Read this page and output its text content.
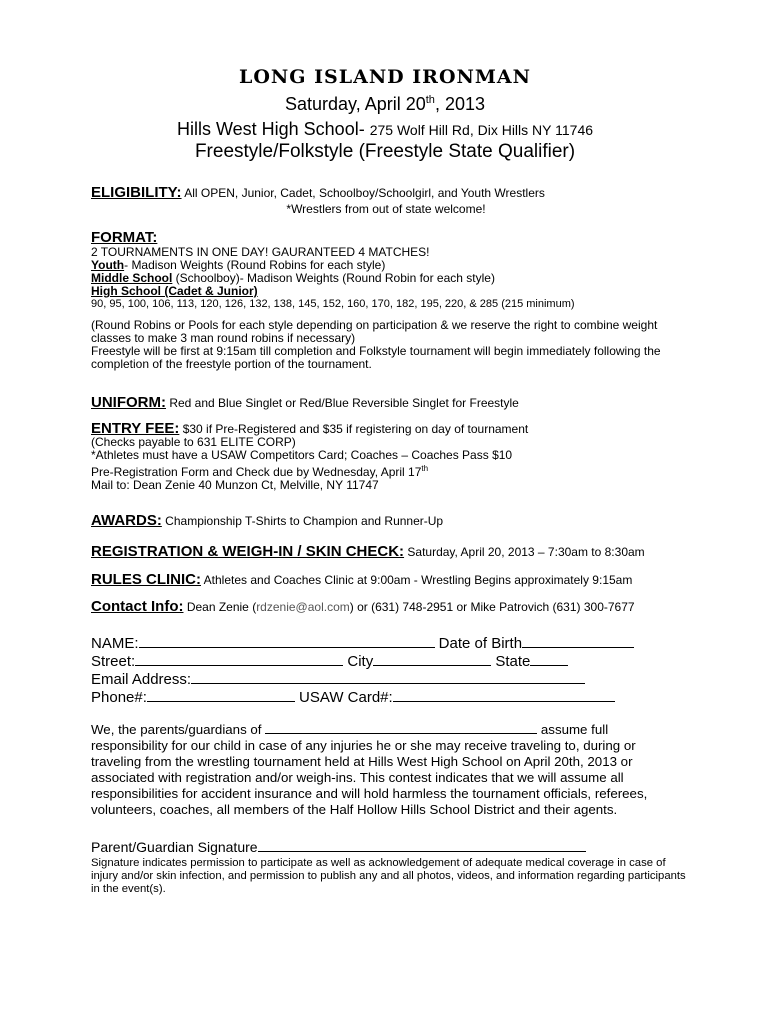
LONG ISLAND IRONMAN
Saturday, April 20th, 2013
Hills West High School- 275 Wolf Hill Rd, Dix Hills NY 11746
Freestyle/Folkstyle (Freestyle State Qualifier)
ELIGIBILITY: All OPEN, Junior, Cadet, Schoolboy/Schoolgirl, and Youth Wrestlers
*Wrestlers from out of state welcome!
FORMAT:
2 TOURNAMENTS IN ONE DAY! GAURANTEED 4 MATCHES!
Youth- Madison Weights (Round Robins for each style)
Middle School (Schoolboy)- Madison Weights (Round Robin for each style)
High School (Cadet & Junior)
90, 95, 100, 106, 113, 120, 126, 132, 138, 145, 152, 160, 170, 182, 195, 220, & 285 (215 minimum)
(Round Robins or Pools for each style depending on participation & we reserve the right to combine weight classes to make 3 man round robins if necessary)
Freestyle will be first at 9:15am till completion and Folkstyle tournament will begin immediately following the completion of the freestyle portion of the tournament.
UNIFORM: Red and Blue Singlet or Red/Blue Reversible Singlet for Freestyle
ENTRY FEE: $30 if Pre-Registered and $35 if registering on day of tournament
(Checks payable to 631 ELITE CORP)
*Athletes must have a USAW Competitors Card; Coaches – Coaches Pass $10
Pre-Registration Form and Check due by Wednesday, April 17th
Mail to: Dean Zenie 40 Munzon Ct, Melville, NY 11747
AWARDS: Championship T-Shirts to Champion and Runner-Up
REGISTRATION & WEIGH-IN / SKIN CHECK: Saturday, April 20, 2013 – 7:30am to 8:30am
RULES CLINIC: Athletes and Coaches Clinic at 9:00am - Wrestling Begins approximately 9:15am
Contact Info: Dean Zenie (rdzenie@aol.com) or (631) 748-2951 or Mike Patrovich (631) 300-7677
NAME:	Date of Birth
Street:	City	State
Email Address:
Phone#:	USAW Card#:
We, the parents/guardians of	assume full responsibility for our child in case of any injuries he or she may receive traveling to, during or traveling from the wrestling tournament held at Hills West High School on April 20th, 2013 or associated with registration and/or weigh-ins. This contest indicates that we will assume all responsibilities for accident insurance and will hold harmless the tournament officials, referees, volunteers, coaches, all members of the Half Hollow Hills School District and their agents.
Parent/Guardian Signature
Signature indicates permission to participate as well as acknowledgement of adequate medical coverage in case of injury and/or skin infection, and permission to publish any and all photos, videos, and information regarding participants in the event(s).
